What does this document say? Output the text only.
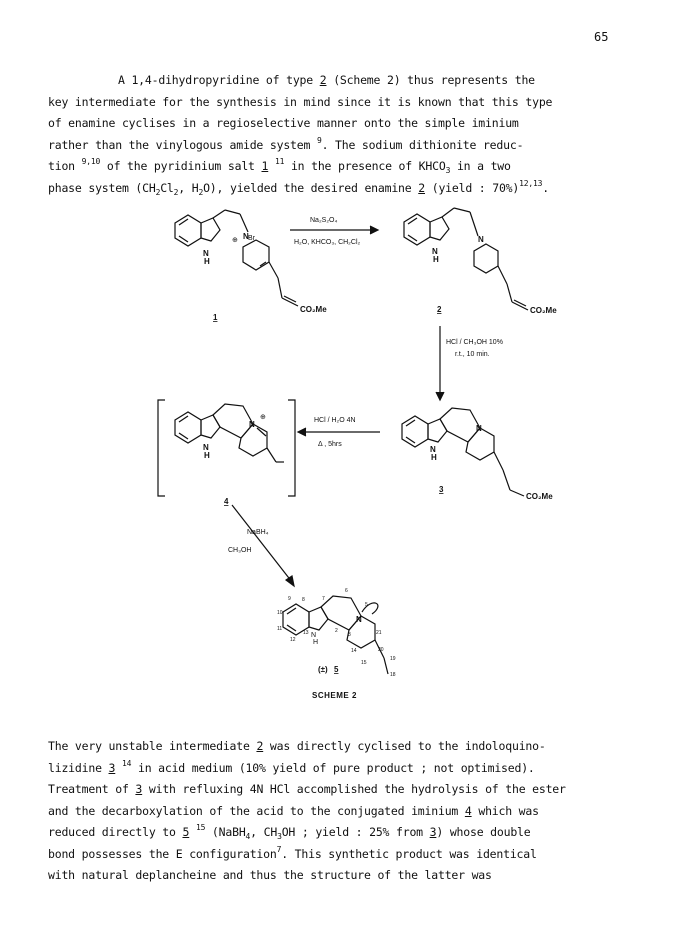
65

A 1,4-dihydropyridine of type 2 (Scheme 2) thus represents the

key intermediate for the synthesis in mind since it is known that this type

of enamine cyclises in a regioselective manner onto the simple iminium

rather than the vinylogous amide system $^9$. The sodium dithionite reduc-

tion $^{9,10}$ of the pyridinium salt 1 $^{11}$ in the presence of $KHCO_3$ in a two

phase system ($CH_2Cl_2$, $H_2O$), yielded the desired enamine 2 (yield : 70%)$^{12,13}$.

N
H
N
⊕ Br
CO₂Me
1
Na₂S₂O₄
H₂O, KHCO₃, CH₂Cl₂
N
H
N
CO₂Me
2
HCl / CH₃OH 10%
r.t., 10 min.
N
H
N
CO₂Me
3
HCl / H₂O 4N
Δ , 5hrs
N
H
N
⊕
4
NaBH₄
CH₃OH
N
H
N
9 8	7
6
5
10
11
12
13	2
3	21
20
19
18
14
15
(±) 5
SCHEME 2

The very unstable intermediate 2 was directly cyclised to the indoloquino-

lizidine 3 $^{14}$ in acid medium (10% yield of pure product ; not optimised).

Treatment of 3 with refluxing 4N HCl accomplished the hydrolysis of the ester

and the decarboxylation of the acid to the conjugated iminium 4 which was

reduced directly to 5 $^{15}$ (NaBH$_4$, $CH_3OH$ ; yield : 25% from 3) whose double

bond possesses the E configuration$^7$. This synthetic product was identical

with natural deplancheine and thus the structure of the latter was
